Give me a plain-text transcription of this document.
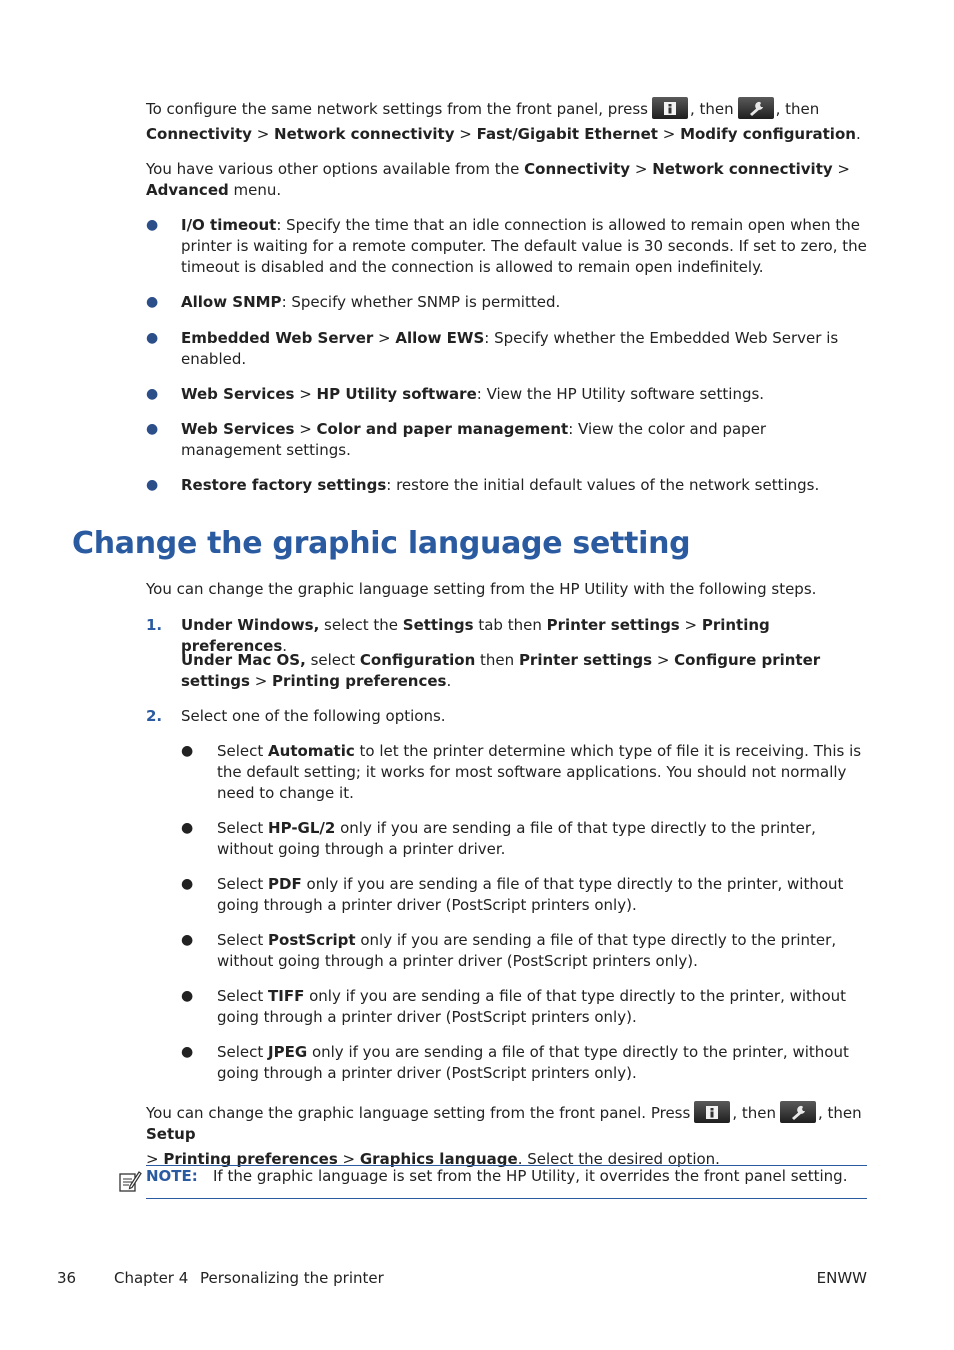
To configure the same network settings from the front panel, press	, then	, then
Connectivity > Network connectivity > Fast/Gigabit Ethernet > Modify configuration.
You have various other options available from the Connectivity > Network connectivity >
Advanced menu.
● I/O timeout: Specify the time that an idle connection is allowed to remain open when the printer is waiting for a remote computer. The default value is 30 seconds. If set to zero, the timeout is disabled and the connection is allowed to remain open indefinitely.
● Allow SNMP: Specify whether SNMP is permitted.
● Embedded Web Server > Allow EWS: Specify whether the Embedded Web Server is enabled.
● Web Services > HP Utility software: View the HP Utility software settings.
● Web Services > Color and paper management: View the color and paper management settings.
● Restore factory settings: restore the initial default values of the network settings.
Change the graphic language setting
You can change the graphic language setting from the HP Utility with the following steps.
1. Under Windows, select the Settings tab then Printer settings > Printing preferences.
Under Mac OS, select Configuration then Printer settings > Configure printer settings > Printing preferences.
2. Select one of the following options.
● Select Automatic to let the printer determine which type of file it is receiving. This is the default setting; it works for most software applications. You should not normally need to change it.
● Select HP-GL/2 only if you are sending a file of that type directly to the printer, without going through a printer driver.
● Select PDF only if you are sending a file of that type directly to the printer, without going through a printer driver (PostScript printers only).
● Select PostScript only if you are sending a file of that type directly to the printer, without going through a printer driver (PostScript printers only).
● Select TIFF only if you are sending a file of that type directly to the printer, without going through a printer driver (PostScript printers only).
● Select JPEG only if you are sending a file of that type directly to the printer, without going through a printer driver (PostScript printers only).
You can change the graphic language setting from the front panel. Press	, then	, then Setup
> Printing preferences > Graphics language. Select the desired option.
NOTE: If the graphic language is set from the HP Utility, it overrides the front panel setting.
36	Chapter 4 Personalizing the printer	ENWW
